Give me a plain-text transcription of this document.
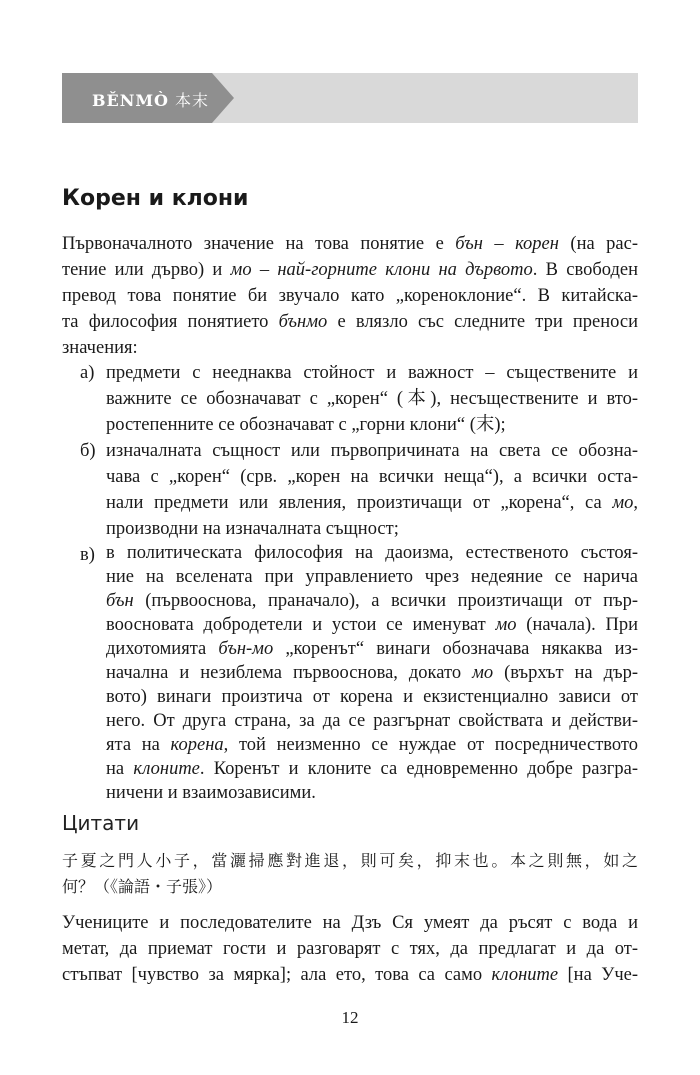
BĚNMÒ 本末
Корен и клони
Първоначалното значение на това понятие е бън – корен (на рас-
тение или дърво) и мо – най-горните клони на дървото. В свободен
превод това понятие би звучало като „кореноклоние“. В китайска-
та философия понятието бънмо е влязло със следните три преноси
значения:
а) предмети с нееднаква стойност и важност – съществените и
важните се обозначават с „корен“ (本), несъществените и вто-
ростепенните се обозначават с „горни клони“ (末);
б) изначалната същност или първопричината на света се обозна-
чава с „корен“ (срв. „корен на всички неща“), а всички оста-
нали предмети или явления, произтичащи от „корена“, са мо,
производни на изначалната същност;
в) в политическата философия на даоизма, естественото състоя-
ние на вселената при управлението чрез недеяние се нарича
бън (първооснова, праначало), а всички произтичащи от пър-
воосновата добродетели и устои се именуват мо (начала). При
дихотомията бън-мо „коренът“ винаги обозначава някаква из-
начална и незиблема първооснова, докато мо (върхът на дър-
вото) винаги произтича от корена и екзистенциално зависи от
него. От друга страна, за да се разгърнат свойствата и действи-
ята на корена, той неизменно се нуждае от посредничеството
на клоните. Коренът и клоните са едновременно добре разгра-
Цитати
子夏之門人小子，當灑掃應對進退，則可矣，抑末也。本之則無，如之
何？（《論語・子張》）
Учениците и последователите на Дзъ Ся умеят да ръсят с вода и
метат, да приемат гости и разговарят с тях, да предлагат и да от-
стъпват [чувство за мярка]; ала ето, това са само клоните [на Уче-
12
ничени и взаимозависими.
